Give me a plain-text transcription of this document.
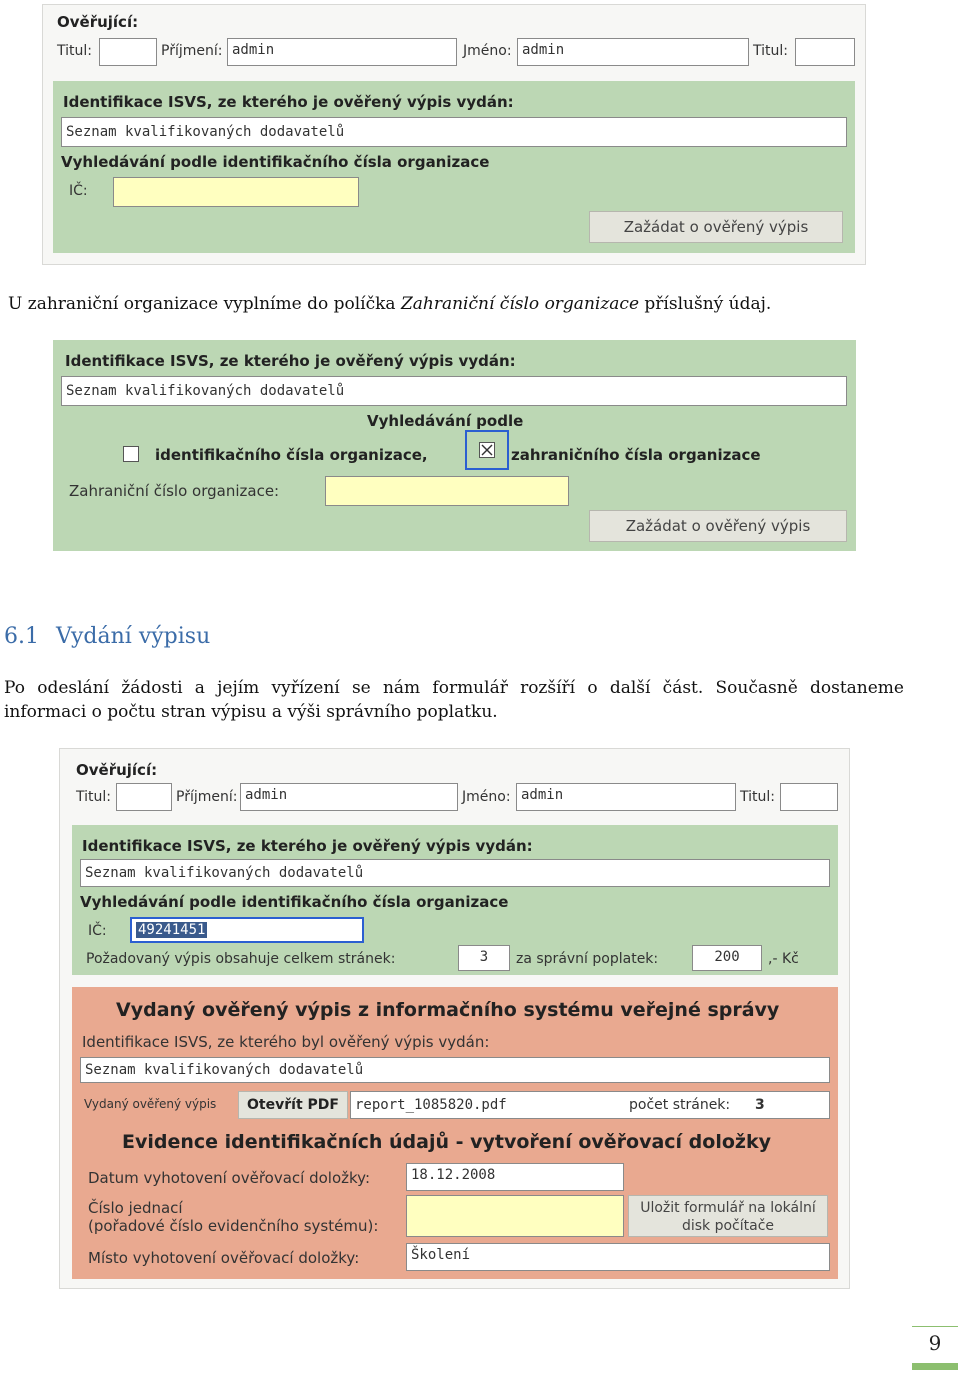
Ověřující:
Titul:	Příjmení: admin	Jméno: admin	Titul:
Identifikace ISVS, ze kterého je ověřený výpis vydán:
Seznam kvalifikovaných dodavatelů
Vyhledávání podle identifikačního čísla organizace
IČ:
Zažádat o ověřený výpis
U zahraniční organizace vyplníme do políčka Zahraniční číslo organizace příslušný údaj.
Identifikace ISVS, ze kterého je ověřený výpis vydán:
Seznam kvalifikovaných dodavatelů
Vyhledávání podle
identifikačního čísla organizace,	zahraničního čísla organizace
Zahraniční číslo organizace:
Zažádat o ověřený výpis
6.1 Vydání výpisu
Po odeslání žádosti a jejím vyřízení se nám formulář rozšíří o další část. Současně dostaneme
informaci o počtu stran výpisu a výši správního poplatku.
Ověřující:
Titul:	Příjmení: admin	Jméno: admin	Titul:
Identifikace ISVS, ze kterého je ověřený výpis vydán:
Seznam kvalifikovaných dodavatelů
Vyhledávání podle identifikačního čísla organizace
IČ:	49241451
Požadovaný výpis obsahuje celkem stránek:	3	za správní poplatek:	200	,- Kč
Vydaný ověřený výpis z informačního systému veřejné správy
Identifikace ISVS, ze kterého byl ověřený výpis vydán:
Seznam kvalifikovaných dodavatelů
Vydaný ověřený výpis	Otevřít PDF	report_1085820.pdf	počet stránek: 3
Evidence identifikačních údajů - vytvoření ověřovací doložky
Datum vyhotovení ověřovací doložky:	18.12.2008
Číslo jednací
(pořadové číslo evidenčního systému):
Uložit formulář na lokální
disk počítače
Místo vyhotovení ověřovací doložky:	Školení
9
